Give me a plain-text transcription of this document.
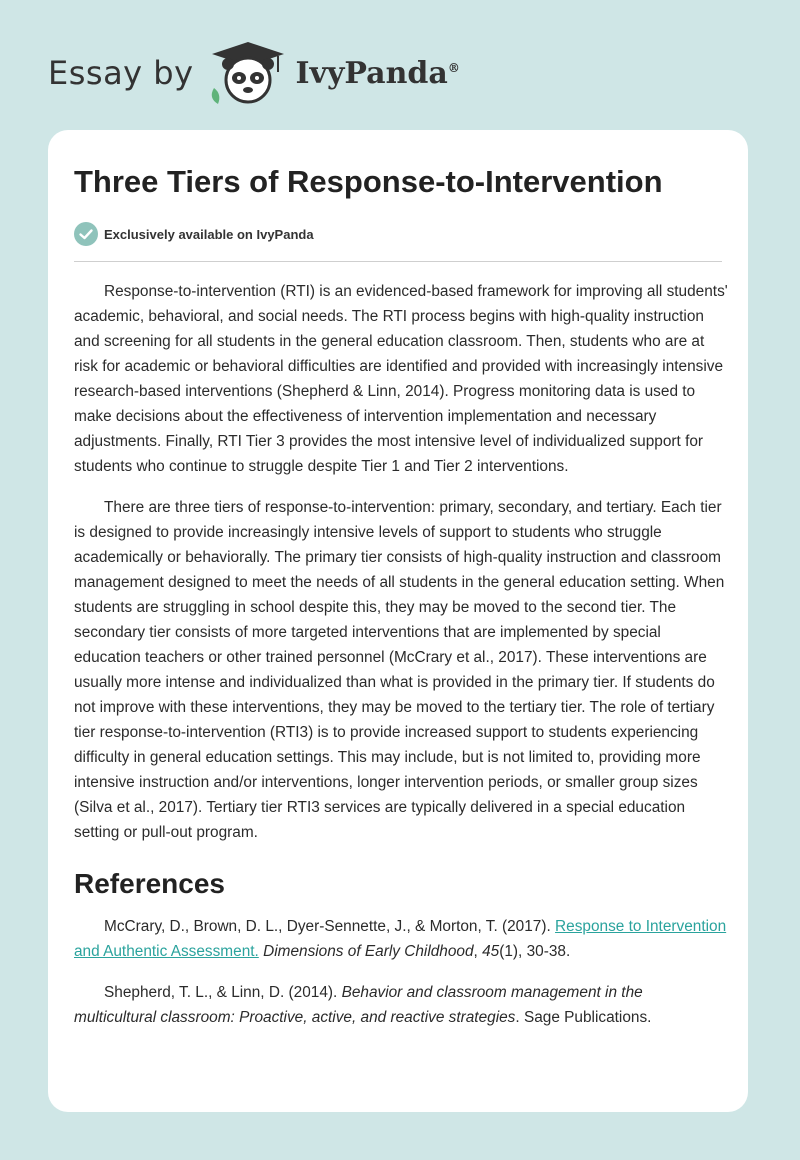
Essay by	IvyPanda®
Three Tiers of Response-to-Intervention
Exclusively available on IvyPanda

Response-to-intervention (RTI) is an evidenced-based framework for improving all students' academic, behavioral, and social needs. The RTI process begins with high-quality instruction and screening for all students in the general education classroom. Then, students who are at risk for academic or behavioral difficulties are identified and provided with increasingly intensive research-based interventions (Shepherd & Linn, 2014). Progress monitoring data is used to make decisions about the effectiveness of intervention implementation and necessary adjustments. Finally, RTI Tier 3 provides the most intensive level of individualized support for students who continue to struggle despite Tier 1 and Tier 2 interventions.

There are three tiers of response-to-intervention: primary, secondary, and tertiary. Each tier is designed to provide increasingly intensive levels of support to students who struggle academically or behaviorally. The primary tier consists of high-quality instruction and classroom management designed to meet the needs of all students in the general education setting. When students are struggling in school despite this, they may be moved to the second tier. The secondary tier consists of more targeted interventions that are implemented by special education teachers or other trained personnel (McCrary et al., 2017). These interventions are usually more intense and individualized than what is provided in the primary tier. If students do not improve with these interventions, they may be moved to the tertiary tier. The role of tertiary tier response-to-intervention (RTI3) is to provide increased support to students experiencing difficulty in general education settings. This may include, but is not limited to, providing more intensive instruction and/or interventions, longer intervention periods, or smaller group sizes (Silva et al., 2017). Tertiary tier RTI3 services are typically delivered in a special education setting or pull-out program.

References

McCrary, D., Brown, D. L., Dyer-Sennette, J., & Morton, T. (2017). Response to Intervention and Authentic Assessment. Dimensions of Early Childhood, 45(1), 30-38.

Shepherd, T. L., & Linn, D. (2014). Behavior and classroom management in the multicultural classroom: Proactive, active, and reactive strategies. Sage Publications.
